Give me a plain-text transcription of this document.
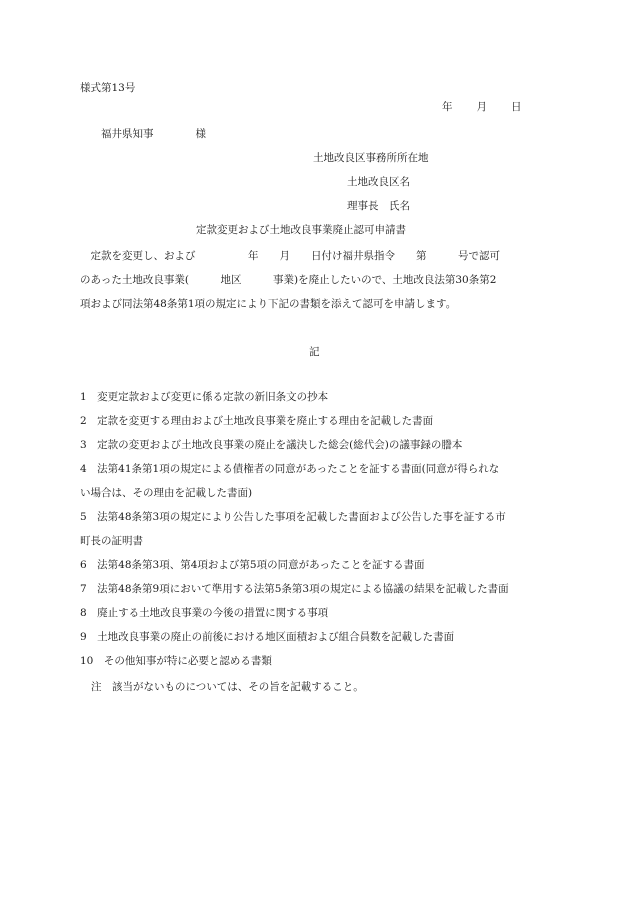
様式第13号
年 月 日
福井県知事　　　　様
土地改良区事務所所在地
土地改良区名
理事長　氏名
定款変更および土地改良事業廃止認可申請書
　定款を変更し、および　　　　　年　　月　　日付け福井県指令　　第　　　号で認可
のあった土地改良事業(　　　地区　　　事業)を廃止したいので、土地改良法第30条第2
項および同法第48条第1項の規定により下記の書類を添えて認可を申請します。
記
1　変更定款および変更に係る定款の新旧条文の抄本
2　定款を変更する理由および土地改良事業を廃止する理由を記載した書面
3　定款の変更および土地改良事業の廃止を議決した総会(総代会)の議事録の謄本
4　法第41条第1項の規定による債権者の同意があったことを証する書面(同意が得られな
い場合は、その理由を記載した書面)
5　法第48条第3項の規定により公告した事項を記載した書面および公告した事を証する市
町長の証明書
6　法第48条第3項、第4項および第5項の同意があったことを証する書面
7　法第48条第9項において準用する法第5条第3項の規定による協議の結果を記載した書面
8　廃止する土地改良事業の今後の措置に関する事項
9　土地改良事業の廃止の前後における地区面積および組合員数を記載した書面
10　その他知事が特に必要と認める書類
注　該当がないものについては、その旨を記載すること。
